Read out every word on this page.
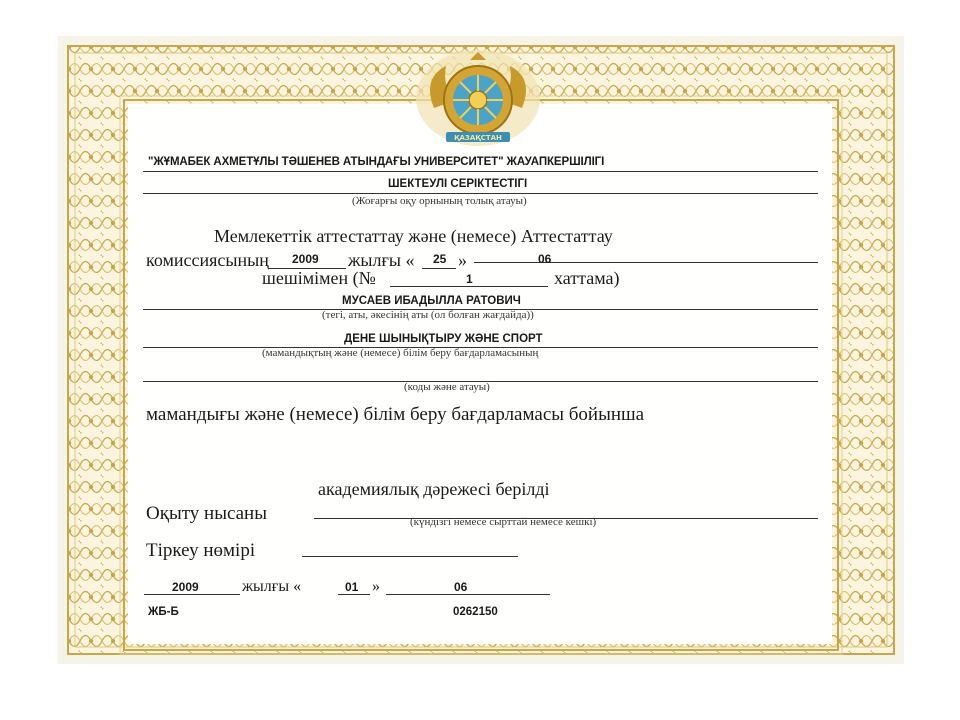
ҚАЗАҚСТАН
"ЖҰМАБЕК АХМЕТҰЛЫ ТӘШЕНЕВ АТЫНДАҒЫ УНИВЕРСИТЕТ" ЖАУАПКЕРШІЛІГІ
ШЕКТЕУЛІ СЕРІКТЕСТІГІ
(Жоғарғы оқу орнының толық атауы)
Мемлекеттік аттестаттау және (немесе) Аттестаттау
комиссиясының 2009 жылғы « 25 »	06
шешімімен (№	1	хаттама)
МУСАЕВ ИБАДЫЛЛА РАТОВИЧ
(тегі, аты, әкесінің аты (ол болған жағдайда))
ДЕНЕ ШЫНЫҚТЫРУ ЖӘНЕ СПОРТ
(мамандықтың және (немесе) білім беру бағдарламасының
(коды және атауы)
мамандығы және (немесе) білім беру бағдарламасы бойынша
академиялық дәрежесі берілді
Оқыту нысаны	(күндізгі немесе сырттай немесе кешкі)
Тіркеу нөмірі
2009	жылғы «	01 »	06
ЖБ-Б	0262150
